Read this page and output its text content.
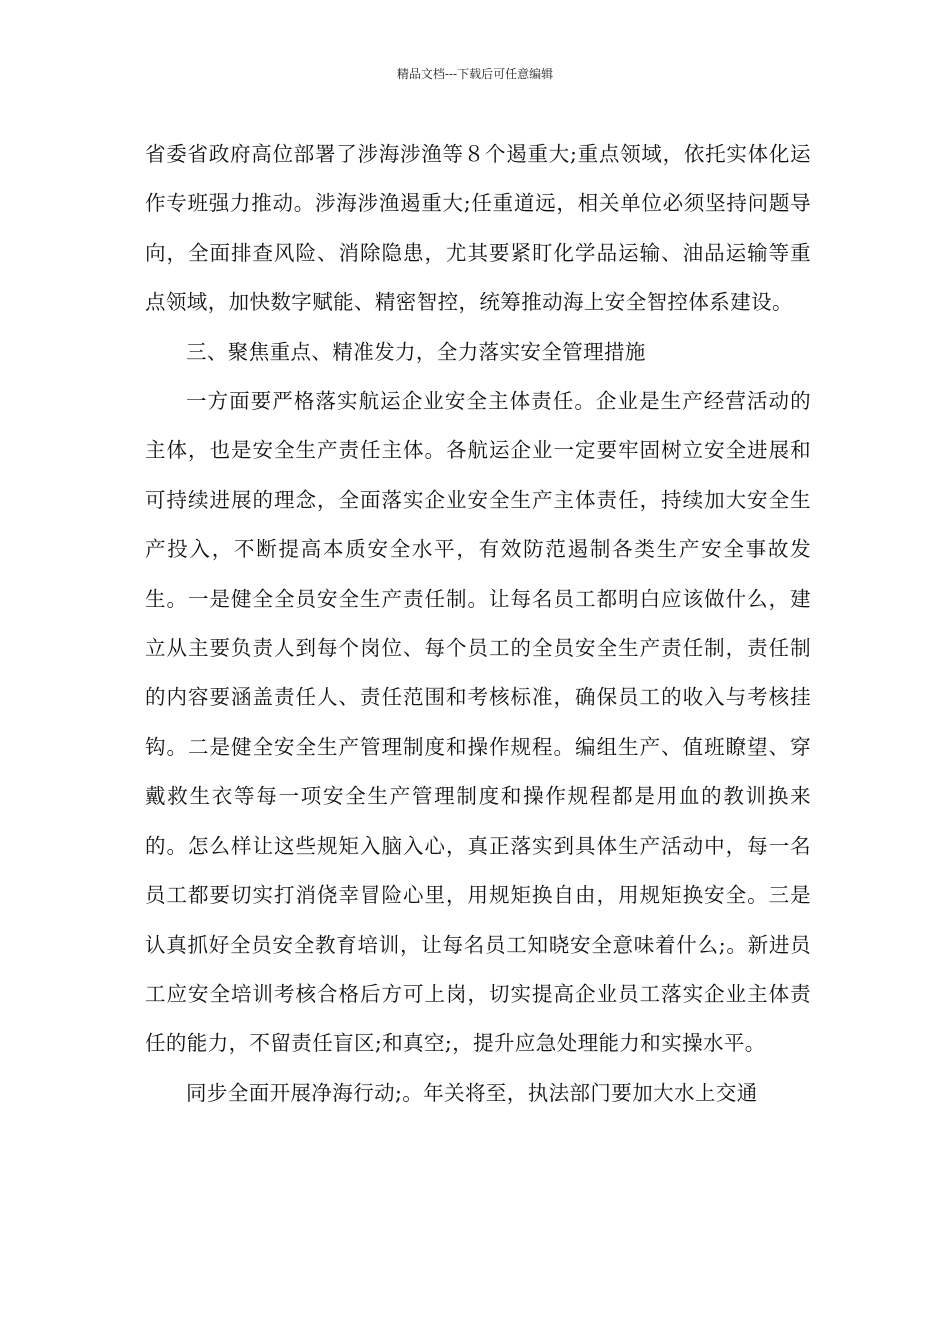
精品文档---下载后可任意编辑

省委省政府高位部署了涉海涉渔等８个遏重大;重点领域，依托实体化运作专班强力推动。涉海涉渔遏重大;任重道远，相关单位必须坚持问题导向，全面排查风险、消除隐患，尤其要紧盯化学品运输、油品运输等重点领域，加快数字赋能、精密智控，统筹推动海上安全智控体系建设。

三、聚焦重点、精准发力，全力落实安全管理措施

一方面要严格落实航运企业安全主体责任。企业是生产经营活动的主体，也是安全生产责任主体。各航运企业一定要牢固树立安全进展和可持续进展的理念，全面落实企业安全生产主体责任，持续加大安全生产投入，不断提高本质安全水平，有效防范遏制各类生产安全事故发生。一是健全全员安全生产责任制。让每名员工都明白应该做什么，建立从主要负责人到每个岗位、每个员工的全员安全生产责任制，责任制的内容要涵盖责任人、责任范围和考核标准，确保员工的收入与考核挂钩。二是健全安全生产管理制度和操作规程。编组生产、值班瞭望、穿戴救生衣等每一项安全生产管理制度和操作规程都是用血的教训换来的。怎么样让这些规矩入脑入心，真正落实到具体生产活动中，每一名员工都要切实打消侥幸冒险心里，用规矩换自由，用规矩换安全。三是认真抓好全员安全教育培训，让每名员工知晓安全意味着什么;。新进员工应安全培训考核合格后方可上岗，切实提高企业员工落实企业主体责任的能力，不留责任盲区;和真空;，提升应急处理能力和实操水平。

同步全面开展净海行动;。年关将至，执法部门要加大水上交通
